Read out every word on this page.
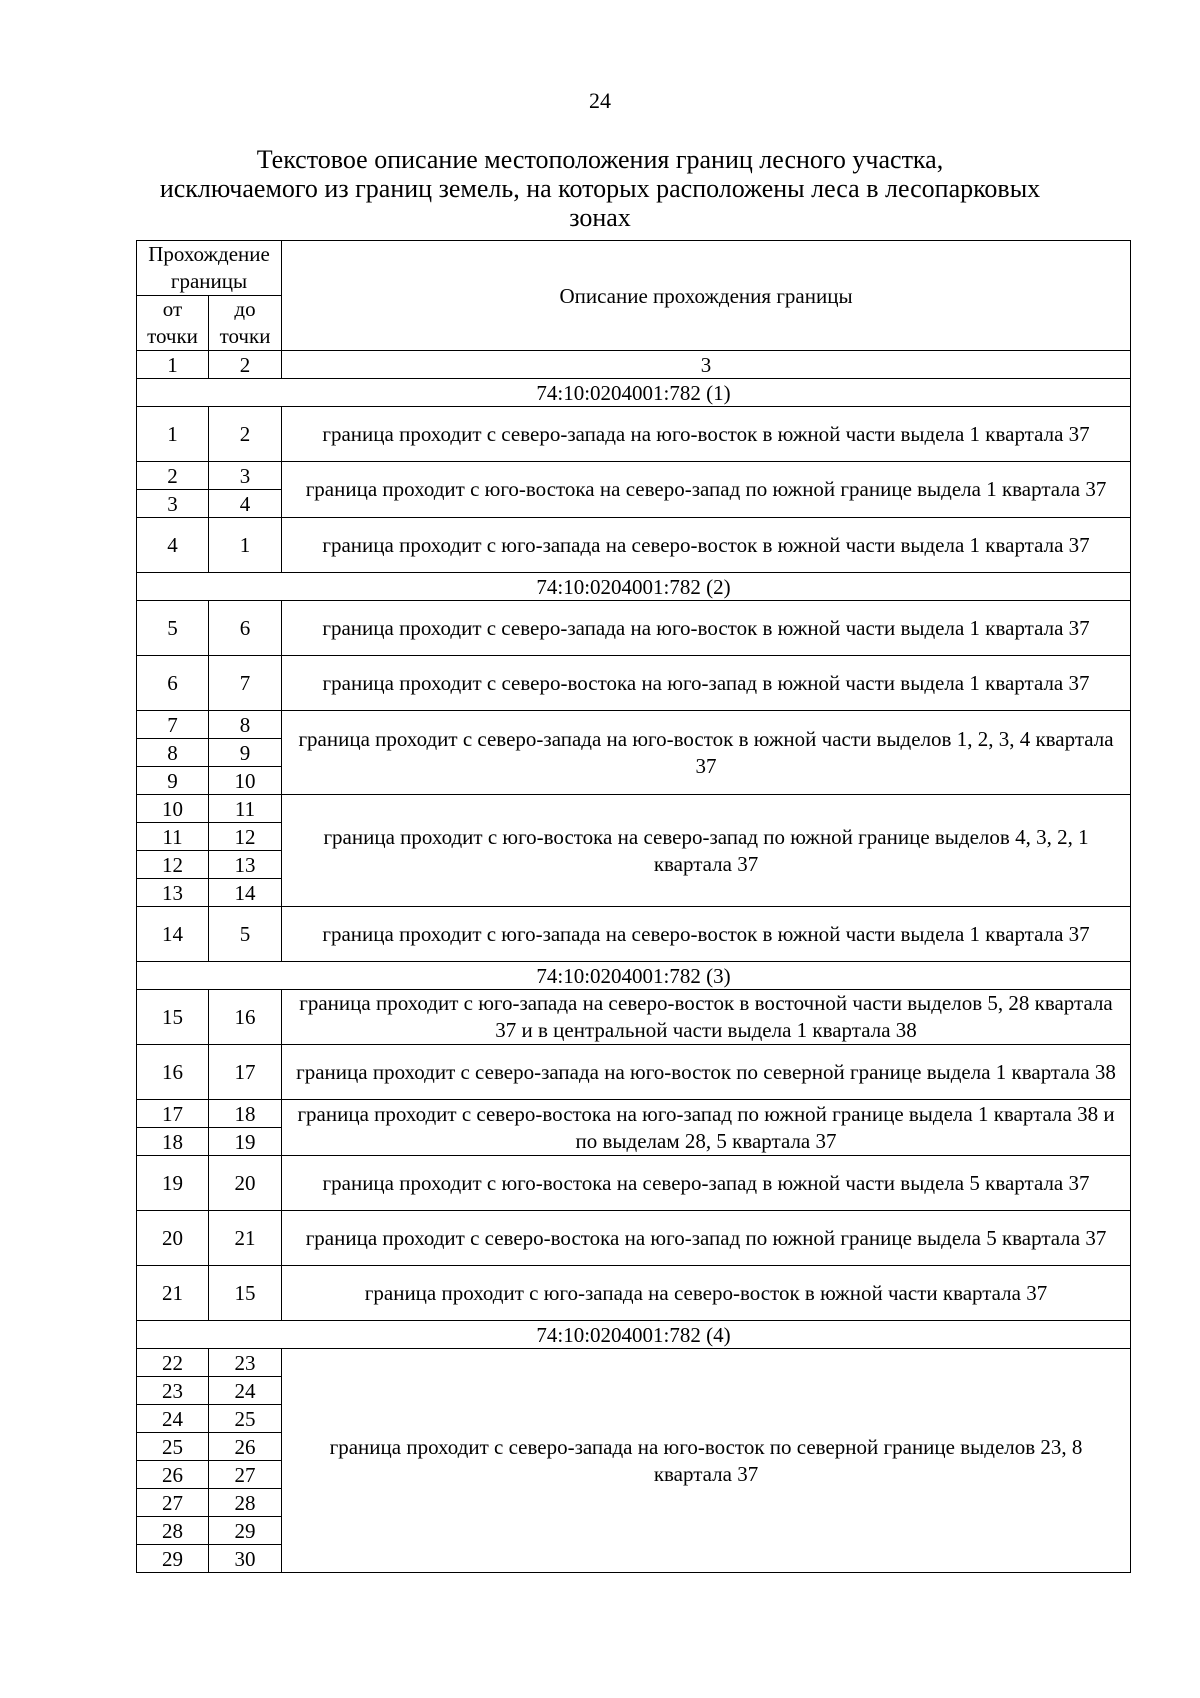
24
Текстовое описание местоположения границ лесного участка,
исключаемого из границ земель, на которых расположены леса в лесопарковых
зонах
Прохождение границы		Описание прохождения границы
от точки	до точки	
1	2	3
74:10:0204001:782 (1)		
1	2	граница проходит с северо-запада на юго-восток в южной части выдела 1 квартала 37
2	3	граница проходит с юго-востока на северо-запад по южной границе выдела 1 квартала 37
3	4	
4	1	граница проходит с юго-запада на северо-восток в южной части выдела 1 квартала 37
74:10:0204001:782 (2)		
5	6	граница проходит с северо-запада на юго-восток в южной части выдела 1 квартала 37
6	7	граница проходит с северо-востока на юго-запад в южной части выдела 1 квартала 37
7	8	граница проходит с северо-запада на юго-восток в южной части выделов 1, 2, 3, 4 квартала 37
8	9	
9	10	
10	11	граница проходит с юго-востока на северо-запад по южной границе выделов 4, 3, 2, 1 квартала 37
11	12	
12	13	
13	14	
14	5	граница проходит с юго-запада на северо-восток в южной части выдела 1 квартала 37
74:10:0204001:782 (3)		
15	16	граница проходит с юго-запада на северо-восток в восточной части выделов 5, 28 квартала 37 и в центральной части выдела 1 квартала 38
16	17	граница проходит с северо-запада на юго-восток по северной границе выдела 1 квартала 38
17	18	граница проходит с северо-востока на юго-запад по южной границе выдела 1 квартала 38 и по выделам 28, 5 квартала 37
18	19	
19	20	граница проходит с юго-востока на северо-запад в южной части выдела 5 квартала 37
20	21	граница проходит с северо-востока на юго-запад по южной границе выдела 5 квартала 37
21	15	граница проходит с юго-запада на северо-восток в южной части квартала 37
74:10:0204001:782 (4)		
22	23	граница проходит с северо-запада на юго-восток по северной границе выделов 23, 8 квартала 37
23	24	
24	25	
25	26	
26	27	
27	28	
28	29	
29	30	
